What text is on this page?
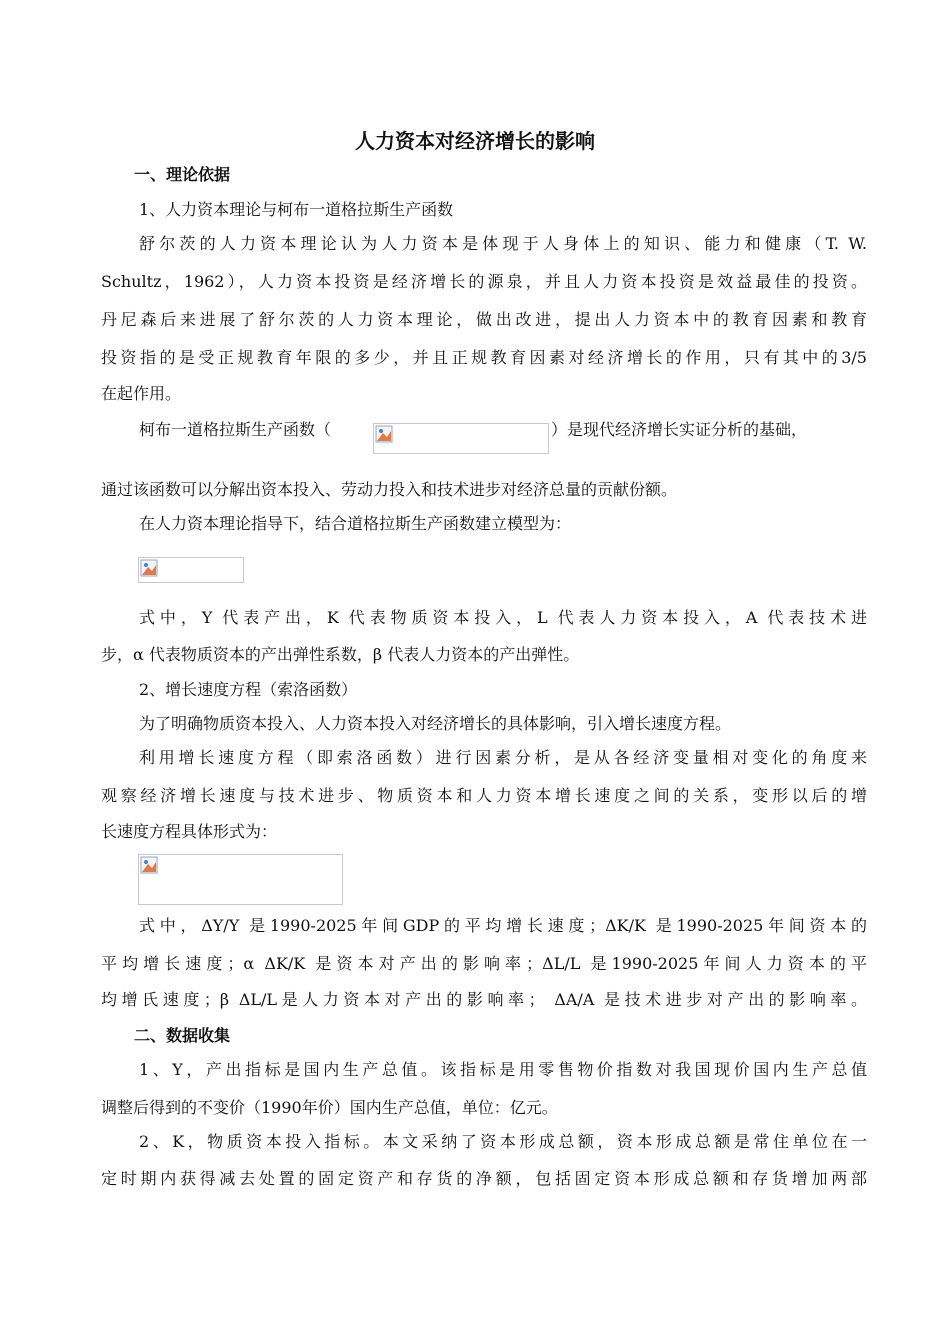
人力资本对经济增长的影响
一、理论依据
1、人力资本理论与柯布一道格拉斯生产函数
舒尔茨的人力资本理论认为人力资本是体现于人身体上的知识、能力和健康（T. W.
Schultz，1962），人力资本投资是经济增长的源泉，并且人力资本投资是效益最佳的投资。
丹尼森后来进展了舒尔茨的人力资本理论，做出改进，提出人力资本中的教育因素和教育
投资指的是受正规教育年限的多少，并且正规教育因素对经济增长的作用，只有其中的3/5
在起作用。
柯布一道格拉斯生产函数（	）是现代经济增长实证分析的基础，
通过该函数可以分解出资本投入、劳动力投入和技术进步对经济总量的贡献份额。
在人力资本理论指导下，结合道格拉斯生产函数建立模型为：
式中，Y 代表产出，K 代表物质资本投入，L 代表人力资本投入，A 代表技术进
步，α 代表物质资本的产出弹性系数，β 代表人力资本的产出弹性。
2、增长速度方程（索洛函数）
为了明确物质资本投入、人力资本投入对经济增长的具体影响，引入增长速度方程。
利用增长速度方程（即索洛函数）进行因素分析，是从各经济变量相对变化的角度来
观察经济增长速度与技术进步、物质资本和人力资本增长速度之间的关系，变形以后的增
长速度方程具体形式为：
式中，ΔY/Y 是1990-2025年间GDP的平均增长速度；ΔK/K 是1990-2025年间资本的
平均增长速度；α ΔK/K 是资本对产出的影响率；ΔL/L 是1990-2025年间人力资本的平
均增氏速度；β ΔL/L是人力资本对产出的影响率； ΔA/A 是技术进步对产出的影响率。
二、数据收集
1、Y，产出指标是国内生产总值。该指标是用零售物价指数对我国现价国内生产总值
调整后得到的不变价（1990年价）国内生产总值，单位：亿元。
2、K，物质资本投入指标。本文采纳了资本形成总额，资本形成总额是常住单位在一
定时期内获得减去处置的固定资产和存货的净额，包括固定资本形成总额和存货增加两部
